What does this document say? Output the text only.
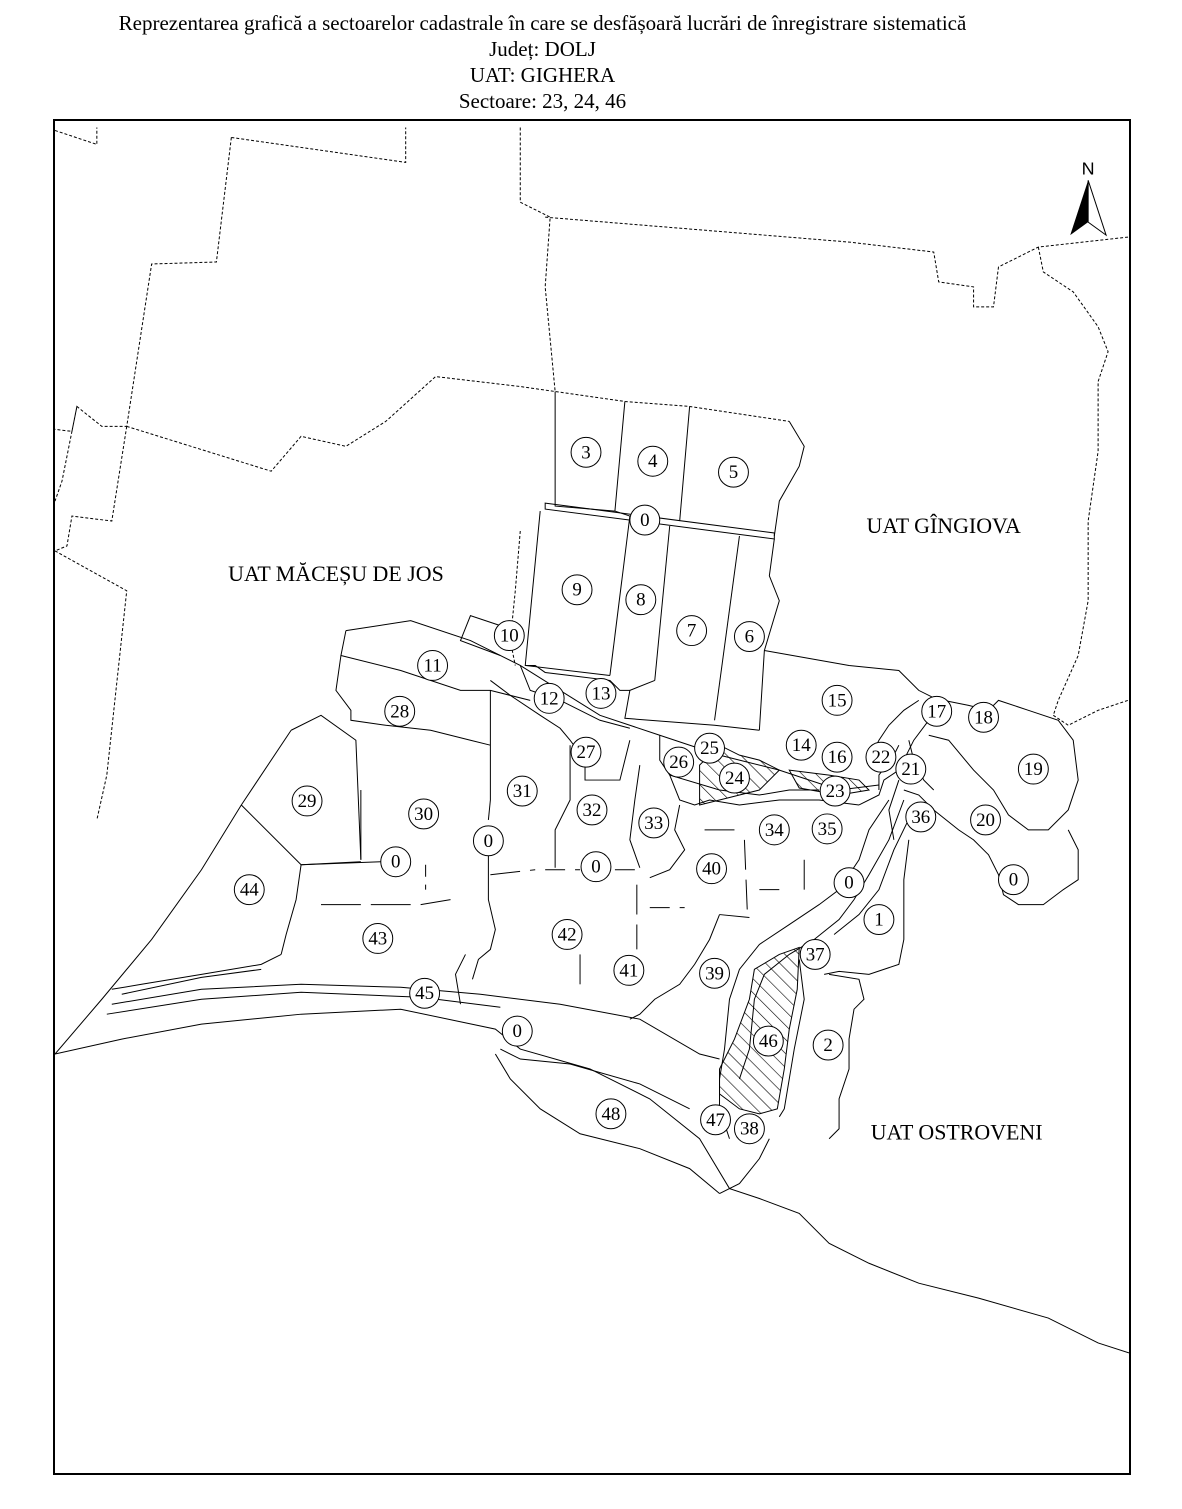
Reprezentarea grafică a sectoarelor cadastrale în care se desfășoară lucrări de înregistrare sistematică
Județ: DOLJ
UAT: GIGHERA
Sectoare: 23, 24, 46
N
UAT MĂCEȘU DE JOS
UAT GÎNGIOVA
UAT OSTROVENI
3	4
5
0
9	8
7	6
10
11
12 13	15
17 18
28
27	25
26
24
14
16 22
21	19
23
29	31
30	32
33	34 35
36 20
0
0
0	40
0
0
44
1
43	42
37
41	39
45
0	46 2
48	47 38
